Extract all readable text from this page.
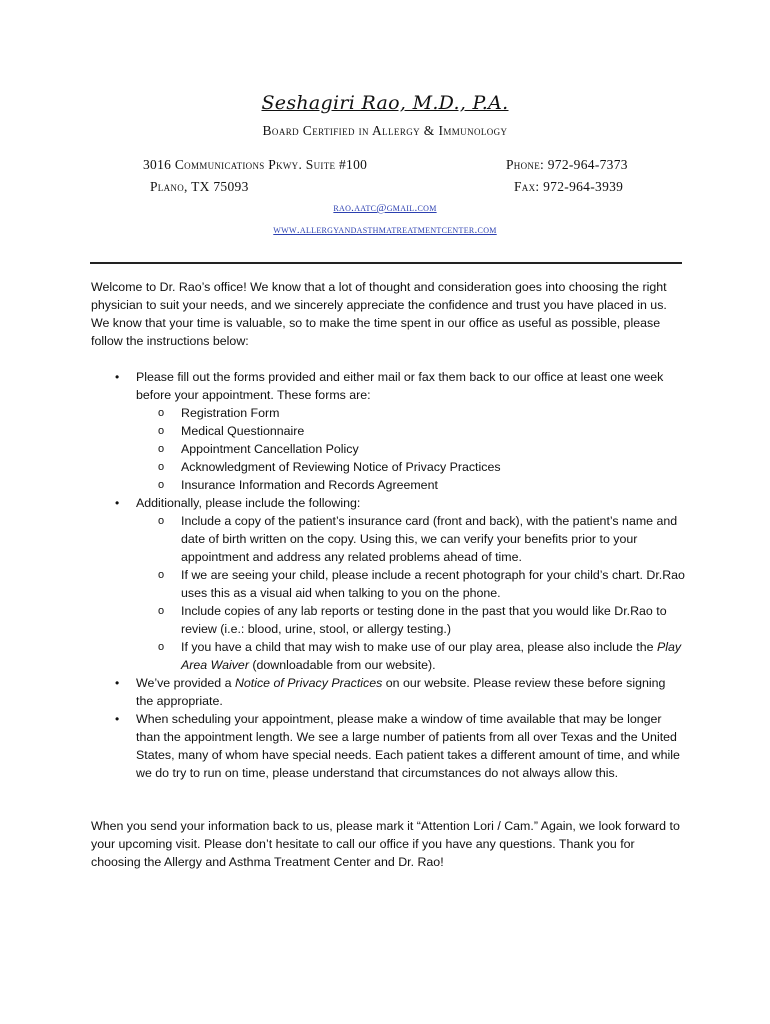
Seshagiri Rao, M.D., P.A.
Board Certified in Allergy & Immunology
3016 Communications Pkwy. Suite #100	Phone: 972-964-7373
Plano, TX 75093	Fax: 972-964-3939
rao.aatc@gmail.com
www.allergyandasthmatreatmentcenter.com
Welcome to Dr. Rao’s office! We know that a lot of thought and consideration goes into choosing the right physician to suit your needs, and we sincerely appreciate the confidence and trust you have placed in us. We know that your time is valuable, so to make the time spent in our office as useful as possible, please follow the instructions below:
• Please fill out the forms provided and either mail or fax them back to our office at least one week before your appointment. These forms are:
o Registration Form
o Medical Questionnaire
o Appointment Cancellation Policy
o Acknowledgment of Reviewing Notice of Privacy Practices
o Insurance Information and Records Agreement
• Additionally, please include the following:
o Include a copy of the patient’s insurance card (front and back), with the patient’s name and date of birth written on the copy. Using this, we can verify your benefits prior to your appointment and address any related problems ahead of time.
o If we are seeing your child, please include a recent photograph for your child’s chart. Dr.Rao uses this as a visual aid when talking to you on the phone.
o Include copies of any lab reports or testing done in the past that you would like Dr.Rao to review (i.e.: blood, urine, stool, or allergy testing.)
o If you have a child that may wish to make use of our play area, please also include the Play Area Waiver (downloadable from our website).
• We’ve provided a Notice of Privacy Practices on our website. Please review these before signing the appropriate.
• When scheduling your appointment, please make a window of time available that may be longer than the appointment length. We see a large number of patients from all over Texas and the United States, many of whom have special needs. Each patient takes a different amount of time, and while we do try to run on time, please understand that circumstances do not always allow this.
When you send your information back to us, please mark it “Attention Lori / Cam.” Again, we look forward to your upcoming visit. Please don’t hesitate to call our office if you have any questions. Thank you for choosing the Allergy and Asthma Treatment Center and Dr. Rao!
